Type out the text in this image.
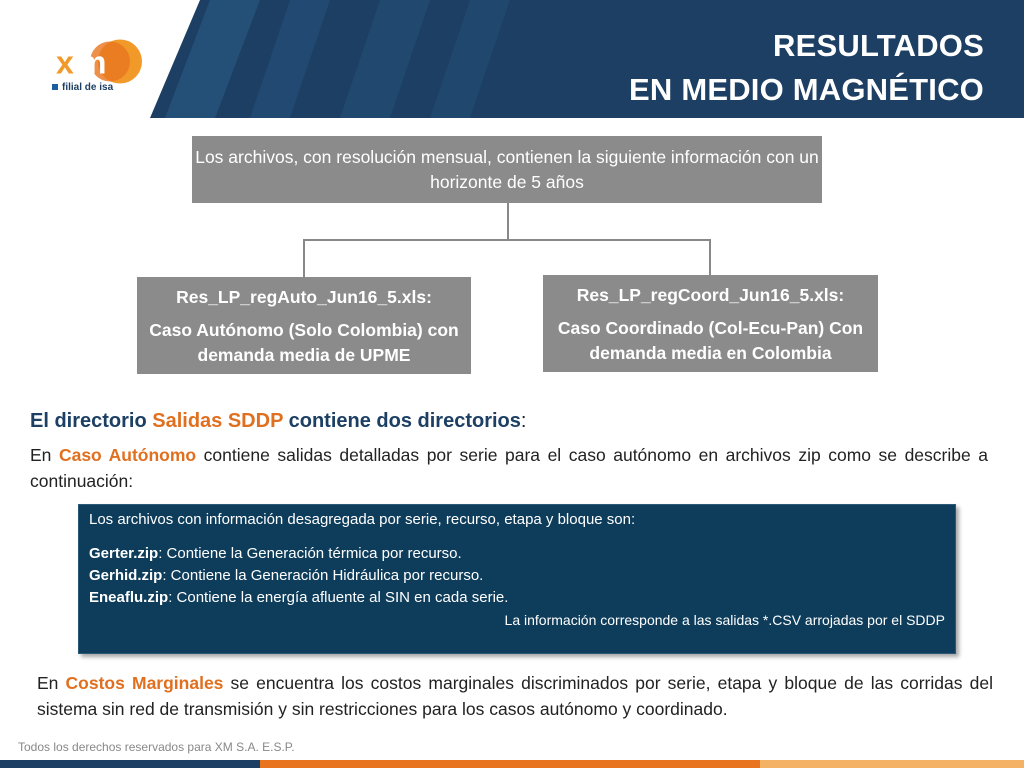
x m
filial de isa
RESULTADOS
EN MEDIO MAGNÉTICO
Los archivos, con resolución mensual, contienen la siguiente información con un horizonte de 5 años
Res_LP_regAuto_Jun16_5.xls:
Caso Autónomo (Solo Colombia) con demanda media de UPME
Res_LP_regCoord_Jun16_5.xls:
Caso Coordinado (Col-Ecu-Pan) Con demanda media en Colombia
El directorio Salidas SDDP contiene dos directorios:
En Caso Autónomo contiene salidas detalladas por serie para el caso autónomo en archivos zip como se describe a continuación:
Los archivos con información desagregada por serie, recurso, etapa y bloque son:
Gerter.zip: Contiene la Generación térmica por recurso.
Gerhid.zip: Contiene la Generación Hidráulica por recurso.
Eneaflu.zip: Contiene la energía afluente al SIN en cada serie.
La información corresponde a las salidas *.CSV arrojadas por el SDDP
En Costos Marginales se encuentra los costos marginales discriminados por serie, etapa y bloque de las corridas del sistema sin red de transmisión y sin restricciones para los casos autónomo y coordinado.
Todos los derechos reservados para XM S.A. E.S.P.
